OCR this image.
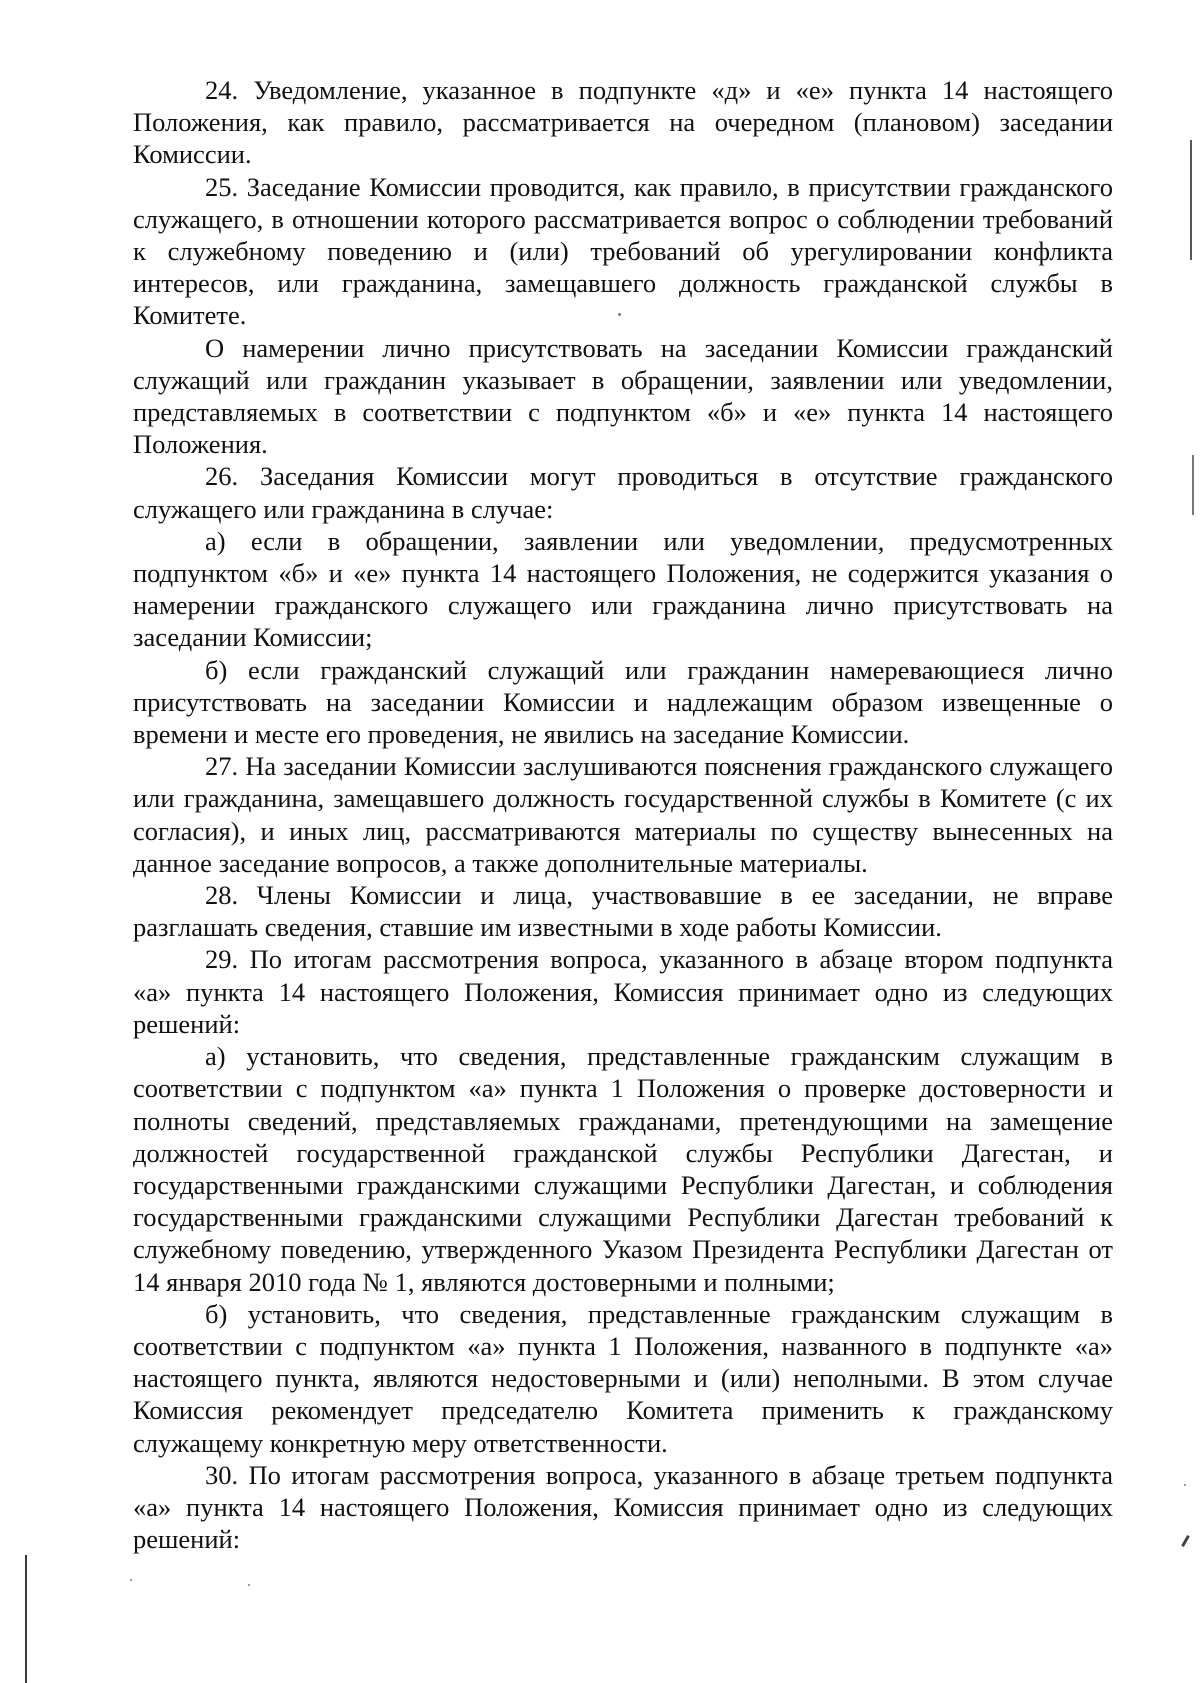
24. Уведомление, указанное в подпункте «д» и «е» пункта 14 настоящего Положения, как правило, рассматривается на очередном (плановом) заседании Комиссии.

25. Заседание Комиссии проводится, как правило, в присутствии гражданского служащего, в отношении которого рассматривается вопрос о соблюдении требований к служебному поведению и (или) требований об урегулировании конфликта интересов, или гражданина, замещавшего должность гражданской службы в Комитете.

О намерении лично присутствовать на заседании Комиссии гражданский служащий или гражданин указывает в обращении, заявлении или уведомлении, представляемых в соответствии с подпунктом «б» и «е» пункта 14 настоящего Положения.

26. Заседания Комиссии могут проводиться в отсутствие гражданского служащего или гражданина в случае:

а) если в обращении, заявлении или уведомлении, предусмотренных подпунктом «б» и «е» пункта 14 настоящего Положения, не содержится указания о намерении гражданского служащего или гражданина лично присутствовать на заседании Комиссии;

б) если гражданский служащий или гражданин намеревающиеся лично присутствовать на заседании Комиссии и надлежащим образом извещенные о времени и месте его проведения, не явились на заседание Комиссии.

27. На заседании Комиссии заслушиваются пояснения гражданского служащего или гражданина, замещавшего должность государственной службы в Комитете (с их согласия), и иных лиц, рассматриваются материалы по существу вынесенных на данное заседание вопросов, а также дополнительные материалы.

28. Члены Комиссии и лица, участвовавшие в ее заседании, не вправе разглашать сведения, ставшие им известными в ходе работы Комиссии.

29. По итогам рассмотрения вопроса, указанного в абзаце втором подпункта «а» пункта 14 настоящего Положения, Комиссия принимает одно из следующих решений:

а) установить, что сведения, представленные гражданским служащим в соответствии с подпунктом «а» пункта 1 Положения о проверке достоверности и полноты сведений, представляемых гражданами, претендующими на замещение должностей государственной гражданской службы Республики Дагестан, и государственными гражданскими служащими Республики Дагестан, и соблюдения государственными гражданскими служащими Республики Дагестан требований к служебному поведению, утвержденного Указом Президента Республики Дагестан от 14 января 2010 года № 1, являются достоверными и полными;

б) установить, что сведения, представленные гражданским служащим в соответствии с подпунктом «а» пункта 1 Положения, названного в подпункте «а» настоящего пункта, являются недостоверными и (или) неполными. В этом случае Комиссия рекомендует председателю Комитета применить к гражданскому служащему конкретную меру ответственности.

30. По итогам рассмотрения вопроса, указанного в абзаце третьем подпункта «а» пункта 14 настоящего Положения, Комиссия принимает одно из следующих решений:
